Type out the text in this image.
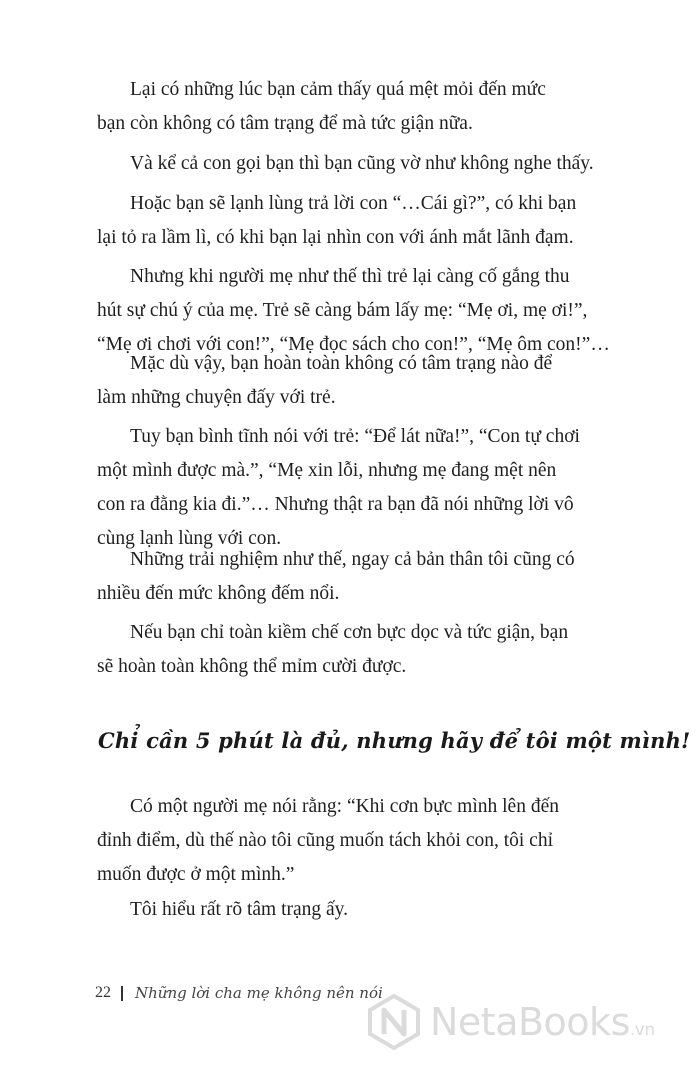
Lại có những lúc bạn cảm thấy quá mệt mỏi đến mức
bạn còn không có tâm trạng để mà tức giận nữa.

Và kể cả con gọi bạn thì bạn cũng vờ như không nghe thấy.

Hoặc bạn sẽ lạnh lùng trả lời con “…Cái gì?”, có khi bạn
lại tỏ ra lầm lì, có khi bạn lại nhìn con với ánh mắt lãnh đạm.

Nhưng khi người mẹ như thế thì trẻ lại càng cố gắng thu
hút sự chú ý của mẹ. Trẻ sẽ càng bám lấy mẹ: “Mẹ ơi, mẹ ơi!”,
“Mẹ ơi chơi với con!”, “Mẹ đọc sách cho con!”, “Mẹ ôm con!”…

Mặc dù vậy, bạn hoàn toàn không có tâm trạng nào để
làm những chuyện đấy với trẻ.

Tuy bạn bình tĩnh nói với trẻ: “Để lát nữa!”, “Con tự chơi
một mình được mà.”, “Mẹ xin lỗi, nhưng mẹ đang mệt nên
con ra đằng kia đi.”… Nhưng thật ra bạn đã nói những lời vô
cùng lạnh lùng với con.

Những trải nghiệm như thế, ngay cả bản thân tôi cũng có
nhiều đến mức không đếm nổi.

Nếu bạn chỉ toàn kiềm chế cơn bực dọc và tức giận, bạn
sẽ hoàn toàn không thể mỉm cười được.

Chỉ cần 5 phút là đủ, nhưng hãy để tôi một mình!

Có một người mẹ nói rằng: “Khi cơn bực mình lên đến
đỉnh điểm, dù thế nào tôi cũng muốn tách khỏi con, tôi chỉ
muốn được ở một mình.”

Tôi hiểu rất rõ tâm trạng ấy.

22 Những lời cha mẹ không nên nói
NetaBooks.vn
